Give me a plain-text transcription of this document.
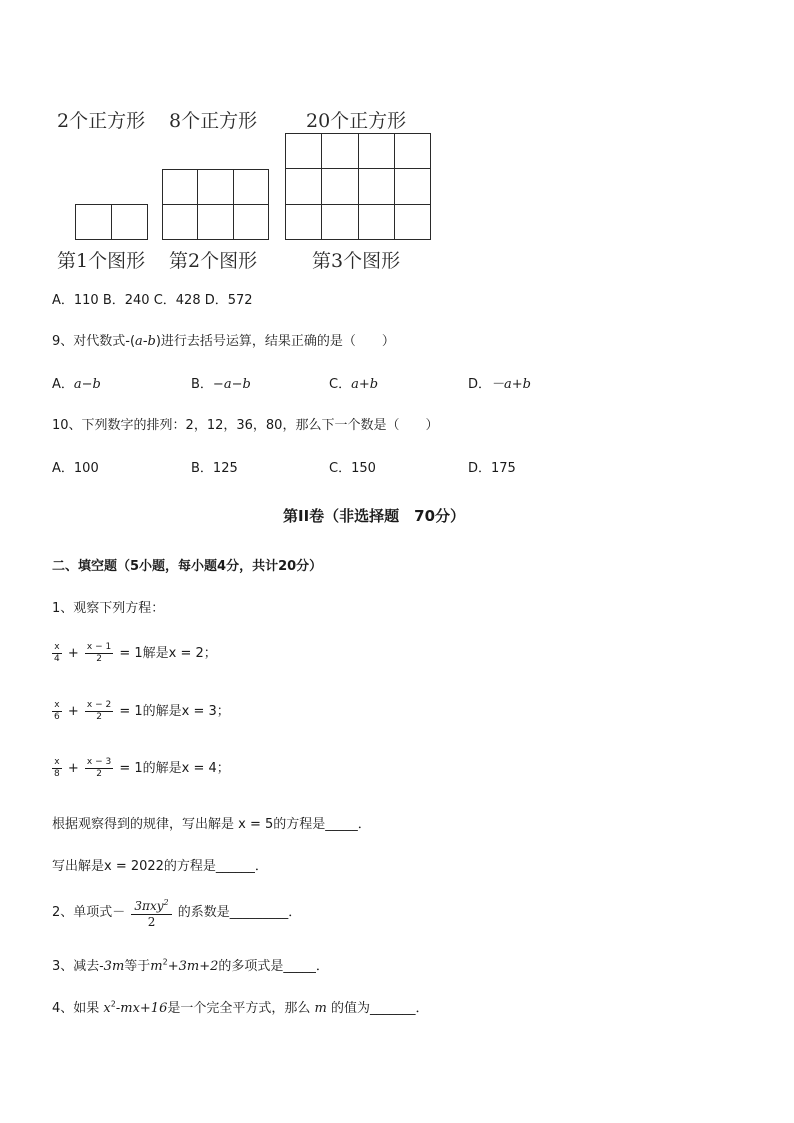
2个正方形 8个正方形	20个正方形

第1个图形 第2个图形	第3个图形
A．110 B．240 C．428 D．572
9、对代数式-(a-b)进行去括号运算，结果正确的是（　　）
A．a−b	B．−a−b	C．a+b	D．－a+b
10、下列数字的排列：2，12，36，80，那么下一个数是（　　）
A．100	B．125	C．150	D．175
第II卷（非选择题　70分）
二、填空题（5小题，每小题4分，共计20分）
1、观察下列方程：
$\frac{x}{4} + \frac{x - 1}{2} = 1$解是x = 2；
$\frac{x}{6} + \frac{x - 2}{2} = 1$的解是x = 3；
$\frac{x}{8} + \frac{x - 3}{2} = 1$的解是x = 4；
根据观察得到的规律，写出解是 x = 5的方程是_____．
写出解是x = 2022的方程是______．
2、单项式－ $\frac{3\pi xy^2}{2}$ 的系数是_________．
3、减去-3m等于$m^2+3m+2$的多项式是_____．
4、如果 $x^2-mx+16$是一个完全平方式，那么 m 的值为_______．
